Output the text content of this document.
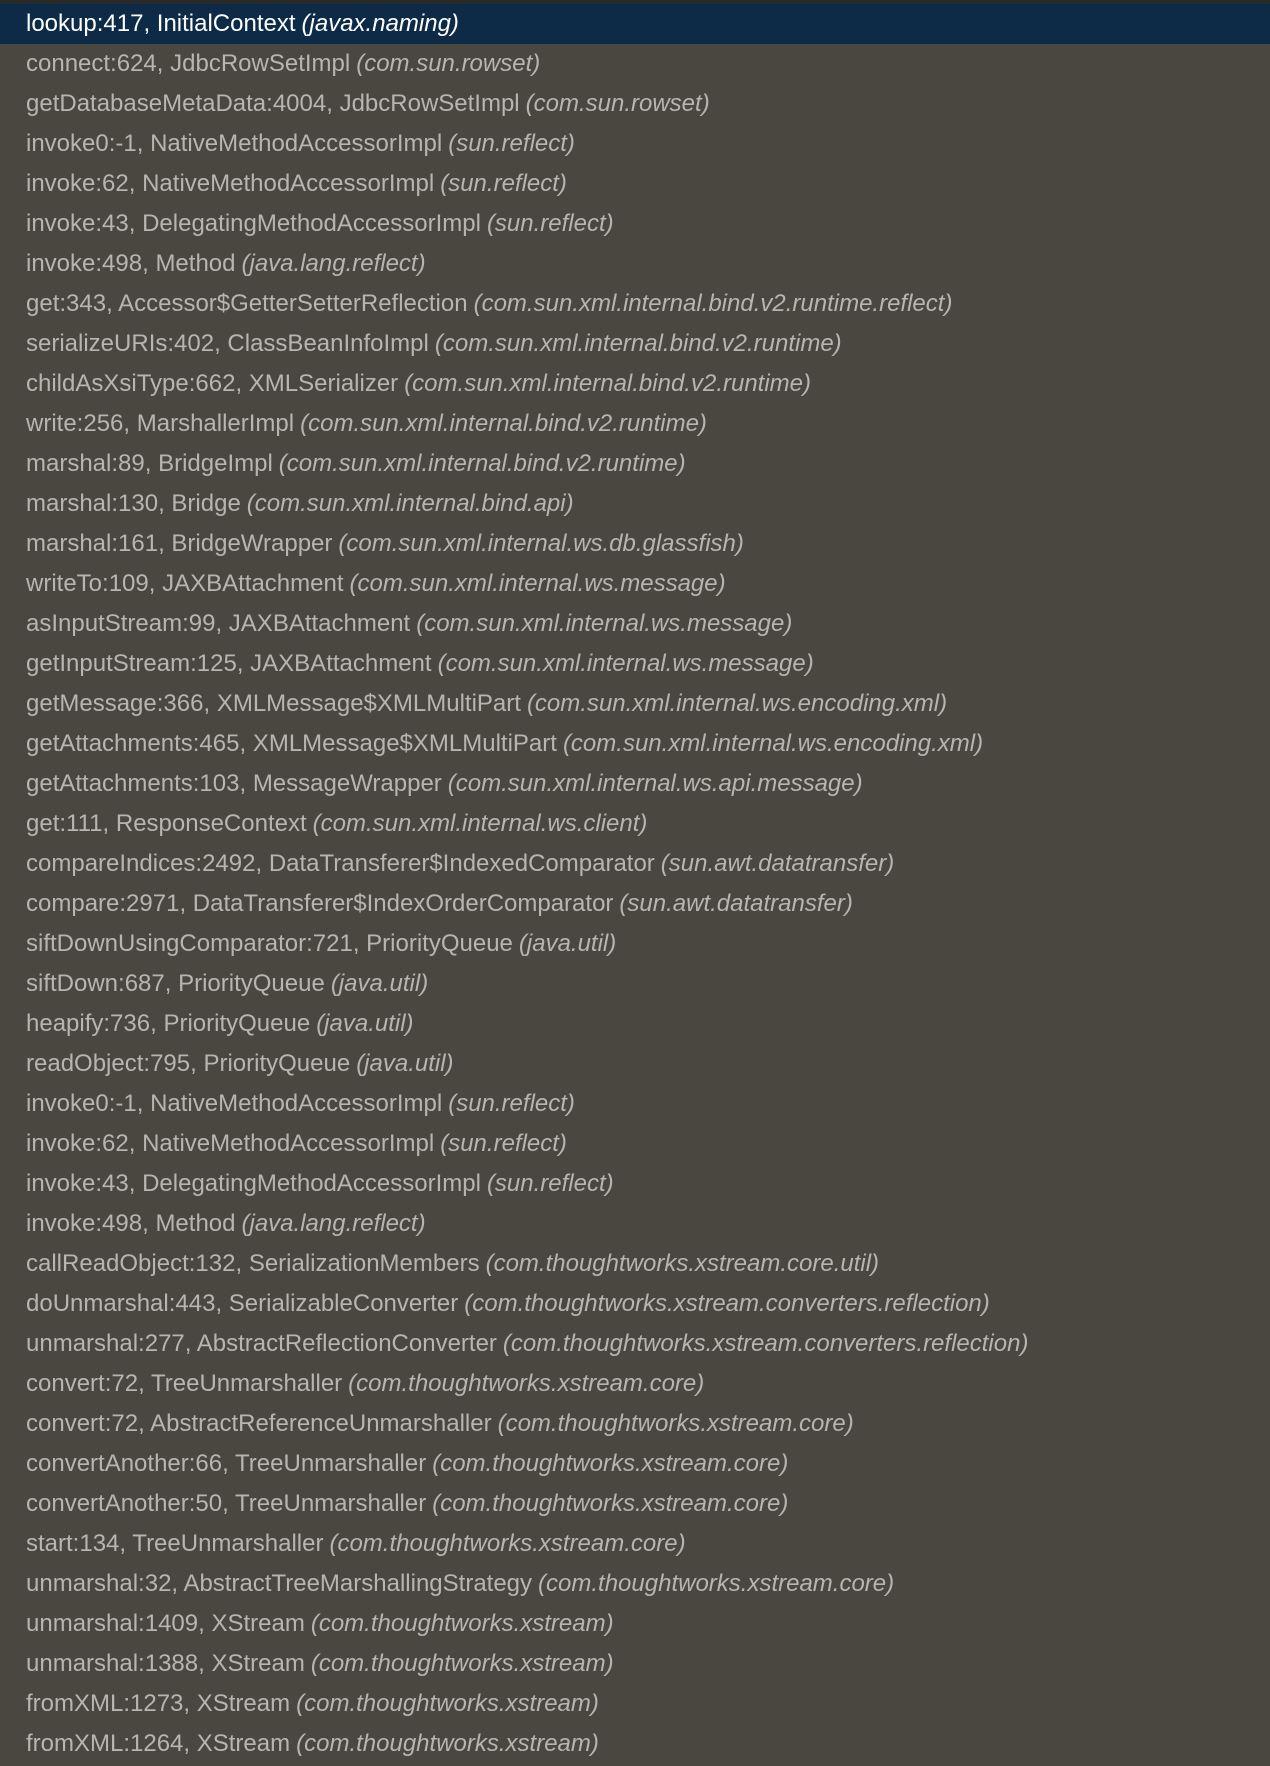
lookup:417, InitialContext (javax.naming)
connect:624, JdbcRowSetImpl (com.sun.rowset)
getDatabaseMetaData:4004, JdbcRowSetImpl (com.sun.rowset)
invoke0:-1, NativeMethodAccessorImpl (sun.reflect)
invoke:62, NativeMethodAccessorImpl (sun.reflect)
invoke:43, DelegatingMethodAccessorImpl (sun.reflect)
invoke:498, Method (java.lang.reflect)
get:343, Accessor$GetterSetterReflection (com.sun.xml.internal.bind.v2.runtime.reflect)
serializeURIs:402, ClassBeanInfoImpl (com.sun.xml.internal.bind.v2.runtime)
childAsXsiType:662, XMLSerializer (com.sun.xml.internal.bind.v2.runtime)
write:256, MarshallerImpl (com.sun.xml.internal.bind.v2.runtime)
marshal:89, BridgeImpl (com.sun.xml.internal.bind.v2.runtime)
marshal:130, Bridge (com.sun.xml.internal.bind.api)
marshal:161, BridgeWrapper (com.sun.xml.internal.ws.db.glassfish)
writeTo:109, JAXBAttachment (com.sun.xml.internal.ws.message)
asInputStream:99, JAXBAttachment (com.sun.xml.internal.ws.message)
getInputStream:125, JAXBAttachment (com.sun.xml.internal.ws.message)
getMessage:366, XMLMessage$XMLMultiPart (com.sun.xml.internal.ws.encoding.xml)
getAttachments:465, XMLMessage$XMLMultiPart (com.sun.xml.internal.ws.encoding.xml)
getAttachments:103, MessageWrapper (com.sun.xml.internal.ws.api.message)
get:111, ResponseContext (com.sun.xml.internal.ws.client)
compareIndices:2492, DataTransferer$IndexedComparator (sun.awt.datatransfer)
compare:2971, DataTransferer$IndexOrderComparator (sun.awt.datatransfer)
siftDownUsingComparator:721, PriorityQueue (java.util)
siftDown:687, PriorityQueue (java.util)
heapify:736, PriorityQueue (java.util)
readObject:795, PriorityQueue (java.util)
invoke0:-1, NativeMethodAccessorImpl (sun.reflect)
invoke:62, NativeMethodAccessorImpl (sun.reflect)
invoke:43, DelegatingMethodAccessorImpl (sun.reflect)
invoke:498, Method (java.lang.reflect)
callReadObject:132, SerializationMembers (com.thoughtworks.xstream.core.util)
doUnmarshal:443, SerializableConverter (com.thoughtworks.xstream.converters.reflection)
unmarshal:277, AbstractReflectionConverter (com.thoughtworks.xstream.converters.reflection)
convert:72, TreeUnmarshaller (com.thoughtworks.xstream.core)
convert:72, AbstractReferenceUnmarshaller (com.thoughtworks.xstream.core)
convertAnother:66, TreeUnmarshaller (com.thoughtworks.xstream.core)
convertAnother:50, TreeUnmarshaller (com.thoughtworks.xstream.core)
start:134, TreeUnmarshaller (com.thoughtworks.xstream.core)
unmarshal:32, AbstractTreeMarshallingStrategy (com.thoughtworks.xstream.core)
unmarshal:1409, XStream (com.thoughtworks.xstream)
unmarshal:1388, XStream (com.thoughtworks.xstream)
fromXML:1273, XStream (com.thoughtworks.xstream)
fromXML:1264, XStream (com.thoughtworks.xstream)
